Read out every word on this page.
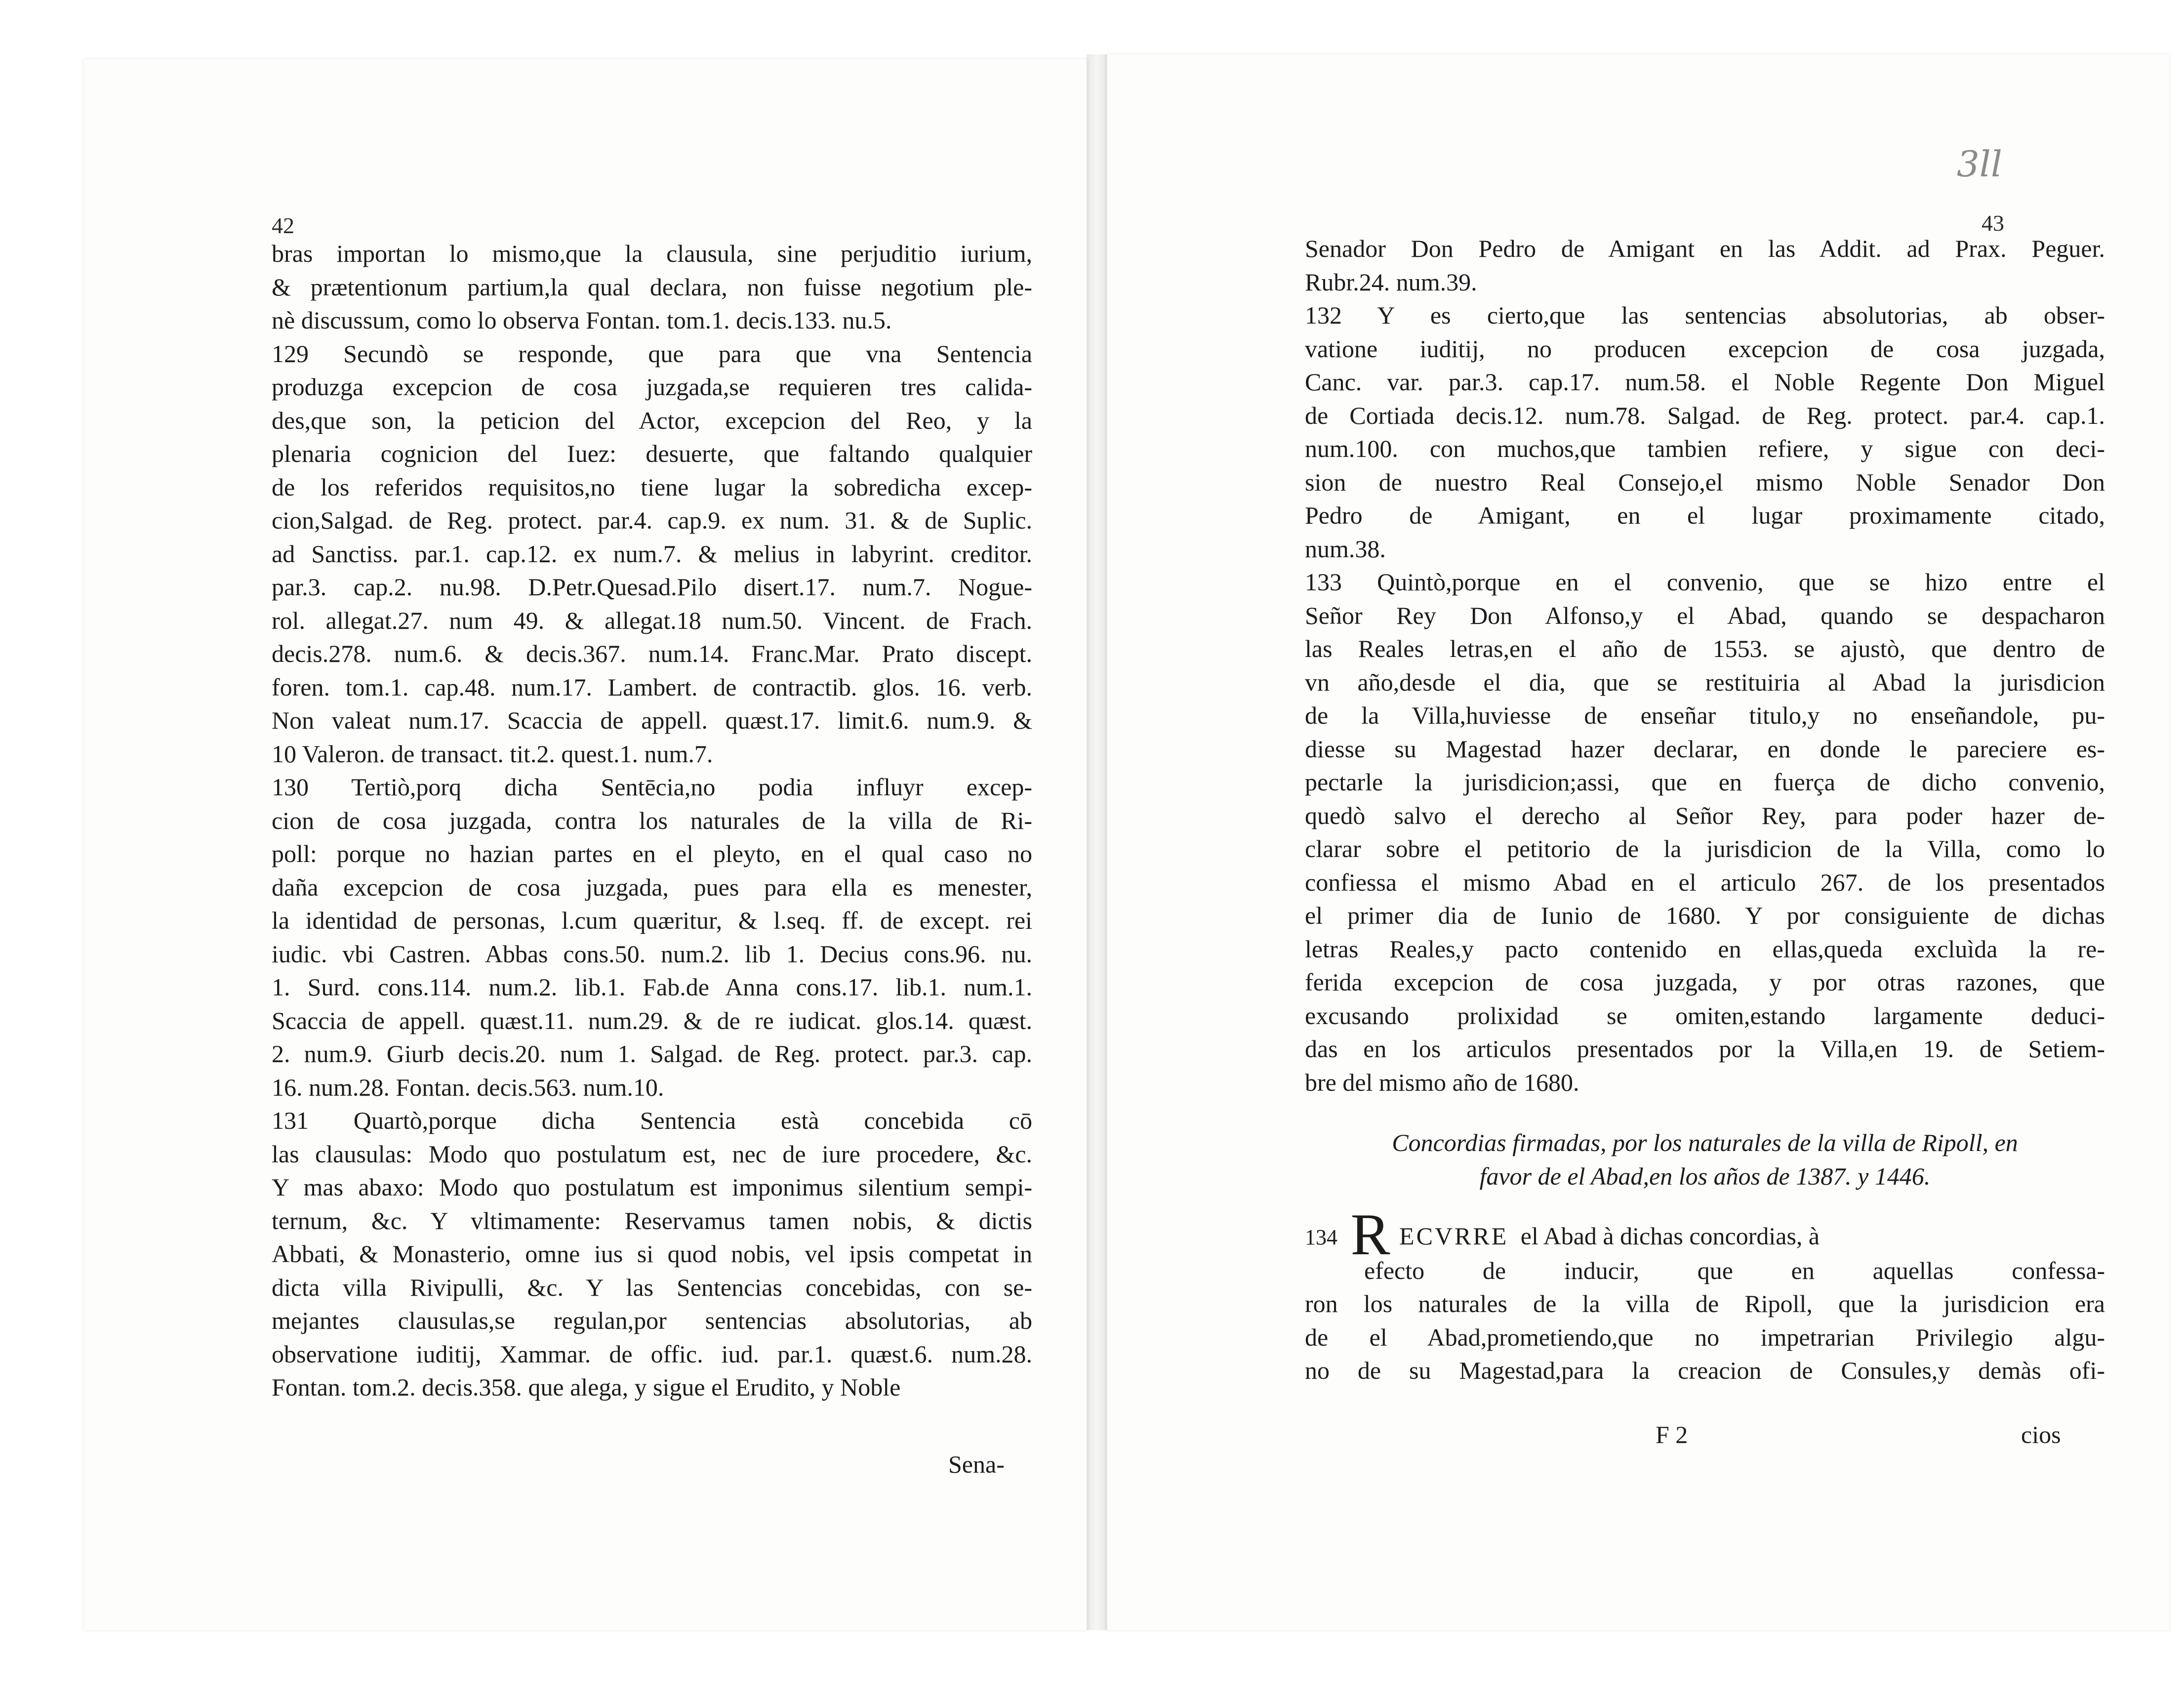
42
bras importan lo mismo,que la clausula, sine perjuditio iurium,
& prætentionum partium,la qual declara, non fuisse negotium ple-
nè discussum, como lo observa Fontan. tom.1. decis.133. nu.5.
129 Secundò se responde, que para que vna Sentencia
produzga excepcion de cosa juzgada,se requieren tres calida-
des,que son, la peticion del Actor, excepcion del Reo, y la
plenaria cognicion del Iuez: desuerte, que faltando qualquier
de los referidos requisitos,no tiene lugar la sobredicha excep-
cion,Salgad. de Reg. protect. par.4. cap.9. ex num. 31. & de Suplic.
ad Sanctiss. par.1. cap.12. ex num.7. & melius in labyrint. creditor.
par.3. cap.2. nu.98. D.Petr.Quesad.Pilo disert.17. num.7. Nogue-
rol. allegat.27. num 49. & allegat.18 num.50. Vincent. de Frach.
decis.278. num.6. & decis.367. num.14. Franc.Mar. Prato discept.
foren. tom.1. cap.48. num.17. Lambert. de contractib. glos. 16. verb.
Non valeat num.17. Scaccia de appell. quæst.17. limit.6. num.9. &
10 Valeron. de transact. tit.2. quest.1. num.7.
130 Tertiò,porq dicha Sentēcia,no podia influyr excep-
cion de cosa juzgada, contra los naturales de la villa de Ri-
poll: porque no hazian partes en el pleyto, en el qual caso no
daña excepcion de cosa juzgada, pues para ella es menester,
la identidad de personas, l.cum quæritur, & l.seq. ff. de except. rei
iudic. vbi Castren. Abbas cons.50. num.2. lib 1. Decius cons.96. nu.
1. Surd. cons.114. num.2. lib.1. Fab.de Anna cons.17. lib.1. num.1.
Scaccia de appell. quæst.11. num.29. & de re iudicat. glos.14. quæst.
2. num.9. Giurb decis.20. num 1. Salgad. de Reg. protect. par.3. cap.
16. num.28. Fontan. decis.563. num.10.
131 Quartò,porque dicha Sentencia està concebida cō
las clausulas: Modo quo postulatum est, nec de iure procedere, &c.
Y mas abaxo: Modo quo postulatum est imponimus silentium sempi-
ternum, &c. Y vltimamente: Reservamus tamen nobis, & dictis
Abbati, & Monasterio, omne ius si quod nobis, vel ipsis competat in
dicta villa Rivipulli, &c. Y las Sentencias concebidas, con se-
mejantes clausulas,se regulan,por sentencias absolutorias, ab
observatione iuditij, Xammar. de offic. iud. par.1. quæst.6. num.28.
Fontan. tom.2. decis.358. que alega, y sigue el Erudito, y Noble
Sena-
3ll
43
Senador Don Pedro de Amigant en las Addit. ad Prax. Peguer.
Rubr.24. num.39.
132 Y es cierto,que las sentencias absolutorias, ab obser-
vatione iuditij, no producen excepcion de cosa juzgada,
Canc. var. par.3. cap.17. num.58. el Noble Regente Don Miguel
de Cortiada decis.12. num.78. Salgad. de Reg. protect. par.4. cap.1.
num.100. con muchos,que tambien refiere, y sigue con deci-
sion de nuestro Real Consejo,el mismo Noble Senador Don
Pedro de Amigant, en el lugar proximamente citado,
num.38.
133 Quintò,porque en el convenio, que se hizo entre el
Señor Rey Don Alfonso,y el Abad, quando se despacharon
las Reales letras,en el año de 1553. se ajustò, que dentro de
vn año,desde el dia, que se restituiria al Abad la jurisdicion
de la Villa,huviesse de enseñar titulo,y no enseñandole, pu-
diesse su Magestad hazer declarar, en donde le pareciere es-
pectarle la jurisdicion;assi, que en fuerça de dicho convenio,
quedò salvo el derecho al Señor Rey, para poder hazer de-
clarar sobre el petitorio de la jurisdicion de la Villa, como lo
confiessa el mismo Abad en el articulo 267. de los presentados
el primer dia de Iunio de 1680. Y por consiguiente de dichas
letras Reales,y pacto contenido en ellas,queda excluìda la re-
ferida excepcion de cosa juzgada, y por otras razones, que
excusando prolixidad se omiten,estando largamente deduci-
das en los articulos presentados por la Villa,en 19. de Setiem-
bre del mismo año de 1680.
Concordias firmadas, por los naturales de la villa de Ripoll, en
favor de el Abad,en los años de 1387. y 1446.
134 R ECVRRE el Abad à dichas concordias, à
efecto de inducir, que en aquellas confessa-
ron los naturales de la villa de Ripoll, que la jurisdicion era
de el Abad,prometiendo,que no impetrarian Privilegio algu-
no de su Magestad,para la creacion de Consules,y demàs ofi-
F 2	cios
